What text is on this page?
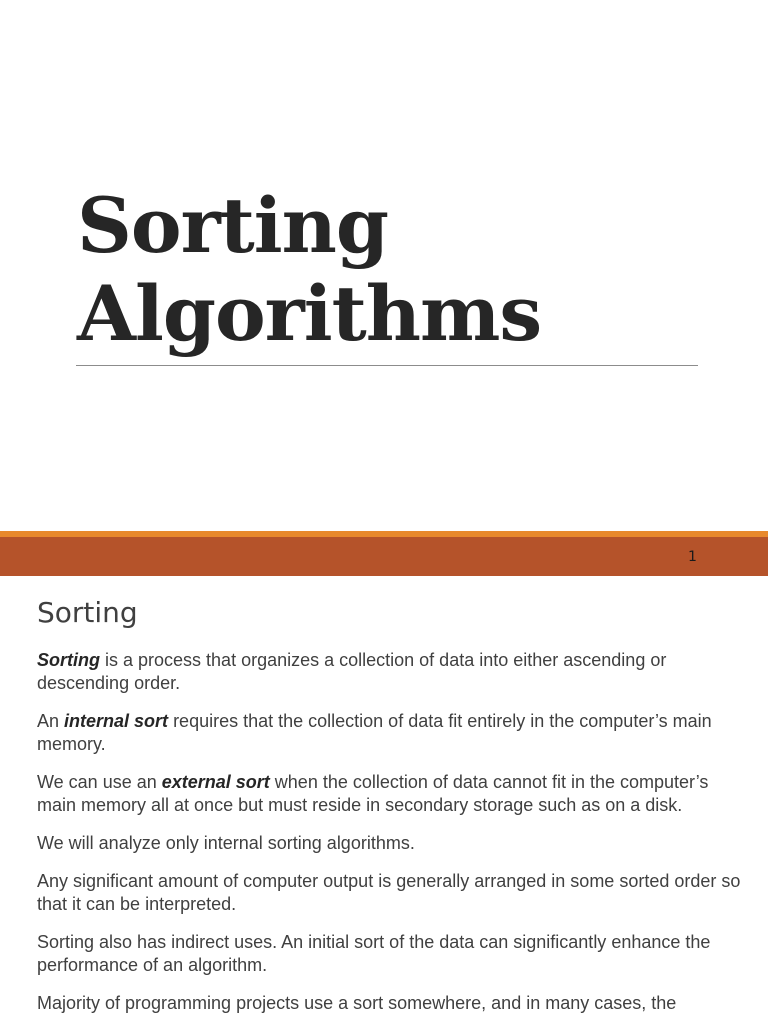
Sorting
Algorithms
1
Sorting

Sorting is a process that organizes a collection of data into either ascending or descending order.

An internal sort requires that the collection of data fit entirely in the computer’s main memory.

We can use an external sort when the collection of data cannot fit in the computer’s main memory all at once but must reside in secondary storage such as on a disk.

We will analyze only internal sorting algorithms.

Any significant amount of computer output is generally arranged in some sorted order so that it can be interpreted.

Sorting also has indirect uses. An initial sort of the data can significantly enhance the performance of an algorithm.

Majority of programming projects use a sort somewhere, and in many cases, the
